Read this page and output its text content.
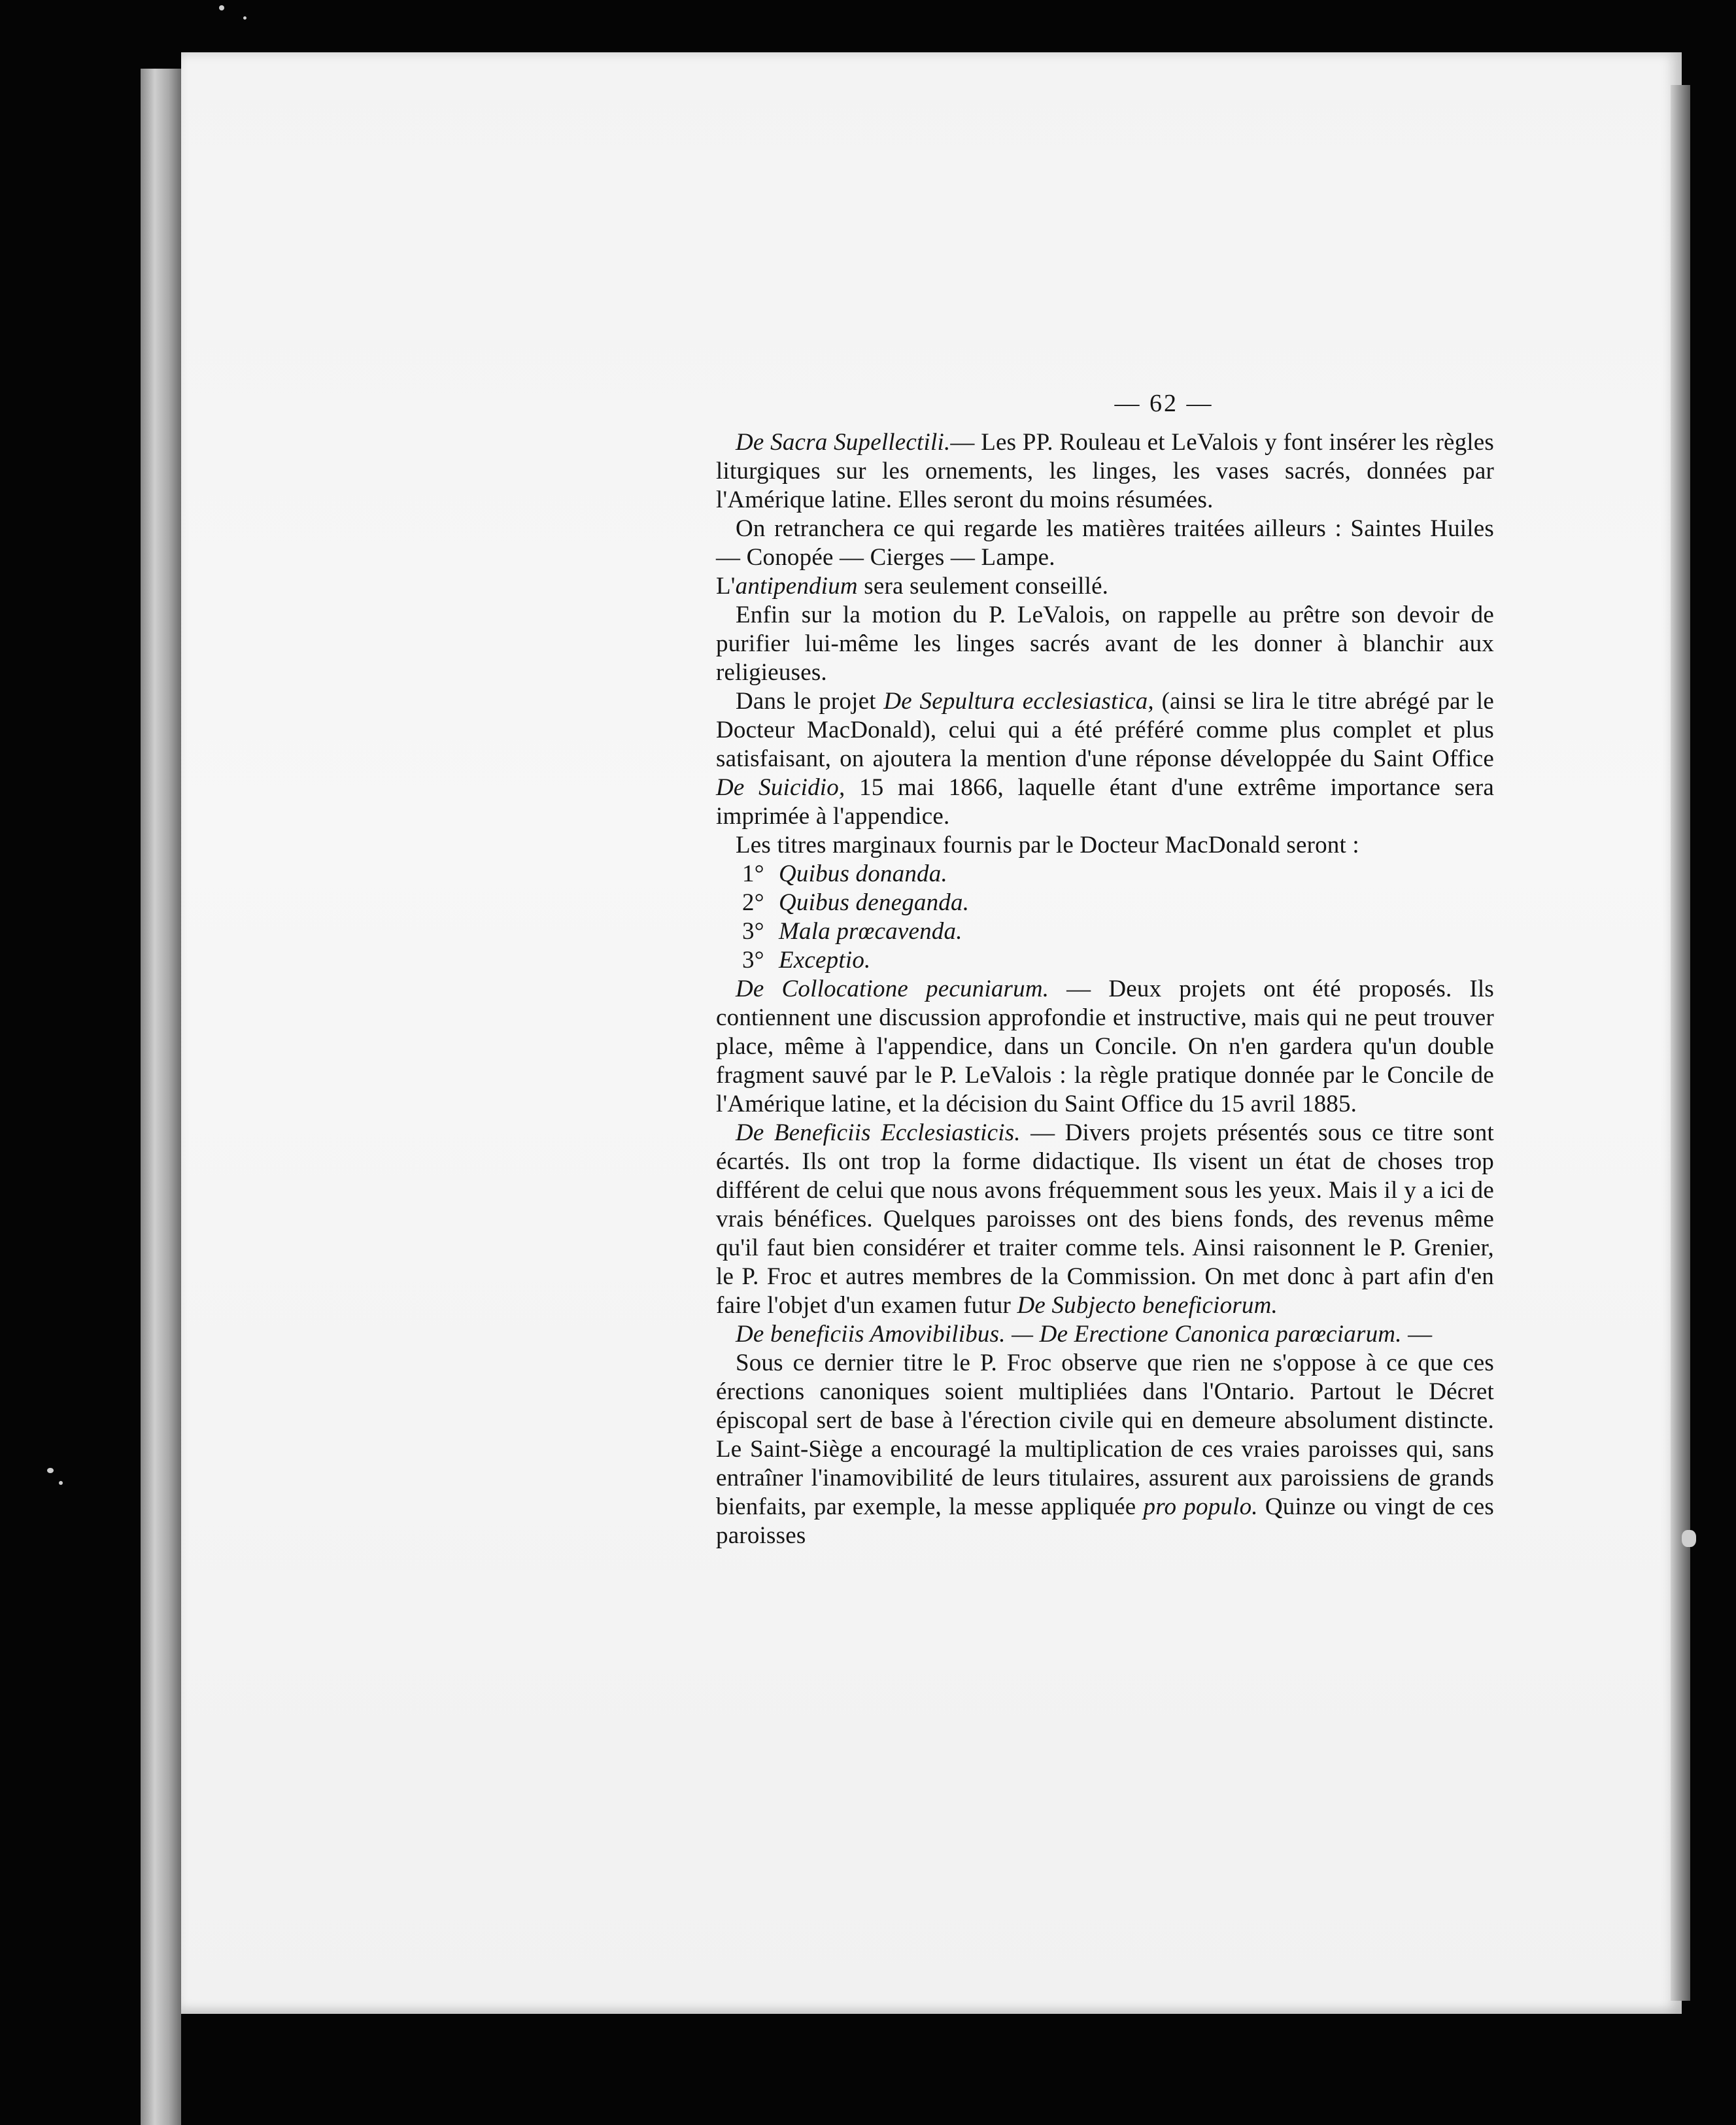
— 62 —

De Sacra Supellectili.— Les PP. Rouleau et LeValois y font insérer les règles liturgiques sur les ornements, les linges, les vases sacrés, données par l'Amérique latine. Elles seront du moins résumées.

On retranchera ce qui regarde les matières traitées ailleurs : Saintes Huiles — Conopée — Cierges — Lampe.

L'antipendium sera seulement conseillé.

Enfin sur la motion du P. LeValois, on rappelle au prêtre son devoir de purifier lui-même les linges sacrés avant de les donner à blanchir aux religieuses.

Dans le projet De Sepultura ecclesiastica, (ainsi se lira le titre abrégé par le Docteur MacDonald), celui qui a été préféré comme plus complet et plus satisfaisant, on ajoutera la mention d'une réponse développée du Saint Office De Suicidio, 15 mai 1866, laquelle étant d'une extrême importance sera imprimée à l'appendice.

Les titres marginaux fournis par le Docteur MacDonald seront :

1° Quibus donanda.

2° Quibus deneganda.

3° Mala prœcavenda.

3° Exceptio.

De Collocatione pecuniarum. — Deux projets ont été proposés. Ils contiennent une discussion approfondie et instructive, mais qui ne peut trouver place, même à l'appendice, dans un Concile. On n'en gardera qu'un double fragment sauvé par le P. LeValois : la règle pratique donnée par le Concile de l'Amérique latine, et la décision du Saint Office du 15 avril 1885.

De Beneficiis Ecclesiasticis. — Divers projets présentés sous ce titre sont écartés. Ils ont trop la forme didactique. Ils visent un état de choses trop différent de celui que nous avons fréquemment sous les yeux. Mais il y a ici de vrais bénéfices. Quelques paroisses ont des biens fonds, des revenus même qu'il faut bien considérer et traiter comme tels. Ainsi raisonnent le P. Grenier, le P. Froc et autres membres de la Commission. On met donc à part afin d'en faire l'objet d'un examen futur De Subjecto beneficiorum.

De beneficiis Amovibilibus. — De Erectione Canonica parœciarum. —

Sous ce dernier titre le P. Froc observe que rien ne s'oppose à ce que ces érections canoniques soient multipliées dans l'Ontario. Partout le Décret épiscopal sert de base à l'érection civile qui en demeure absolument distincte. Le Saint-Siège a encouragé la multiplication de ces vraies paroisses qui, sans entraîner l'inamovibilité de leurs titulaires, assurent aux paroissiens de grands bienfaits, par exemple, la messe appliquée pro populo. Quinze ou vingt de ces paroisses
